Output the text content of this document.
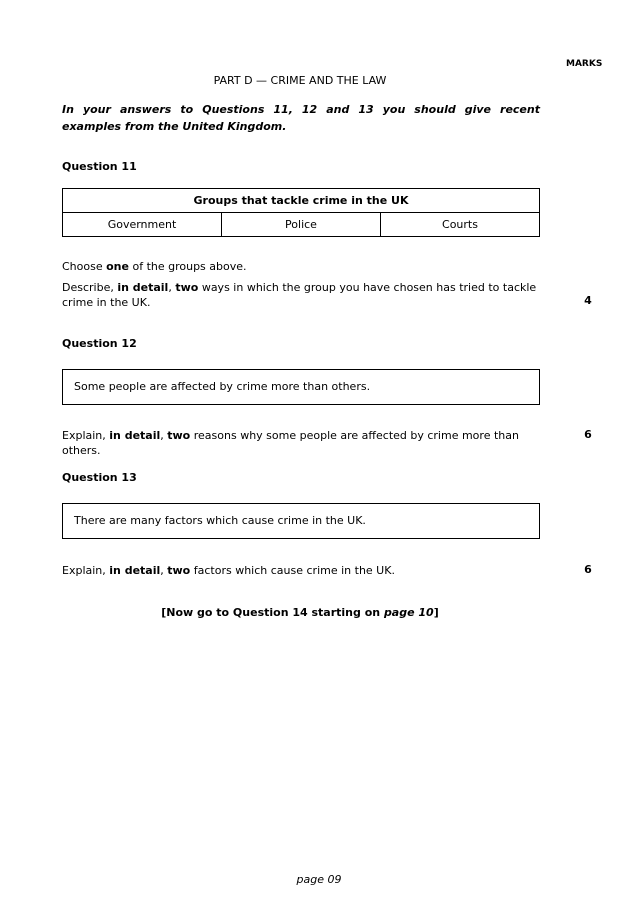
MARKS
PART D — CRIME AND THE LAW
In your answers to Questions 11, 12 and 13 you should give recent examples from the United Kingdom.
Question 11
Groups that tackle crime in the UK
Government	Police	Courts
Choose one of the groups above.
Describe, in detail, two ways in which the group you have chosen has tried to tackle crime in the UK.	4
Question 12
Some people are affected by crime more than others.
Explain, in detail, two reasons why some people are affected by crime more than others.
6
Question 13
There are many factors which cause crime in the UK.
Explain, in detail, two factors which cause crime in the UK.	6
[Now go to Question 14 starting on page 10]
page 09
